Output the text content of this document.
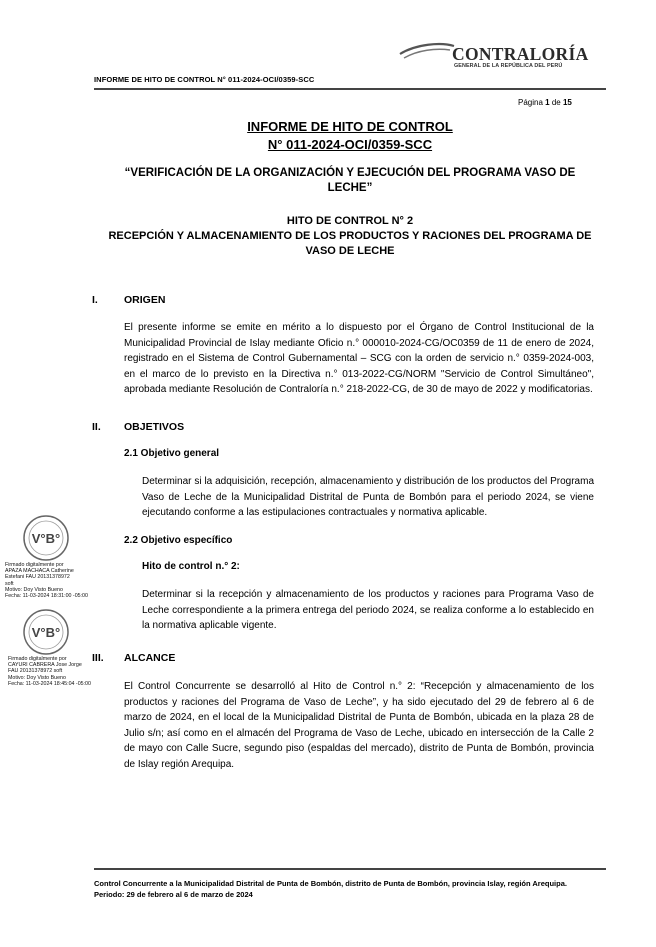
INFORME DE HITO DE CONTROL N° 011-2024-OCI/0359-SCC
CONTRALORÍA
GENERAL DE LA REPÚBLICA DEL PERÚ
Página 1 de 15
INFORME DE HITO DE CONTROL
N° 011-2024-OCI/0359-SCC
“VERIFICACIÓN DE LA ORGANIZACIÓN Y EJECUCIÓN DEL PROGRAMA VASO DE LECHE”
HITO DE CONTROL N° 2
RECEPCIÓN Y ALMACENAMIENTO DE LOS PRODUCTOS Y RACIONES DEL PROGRAMA DE VASO DE LECHE
I. ORIGEN
El presente informe se emite en mérito a lo dispuesto por el Órgano de Control Institucional de la Municipalidad Provincial de Islay mediante Oficio n.° 000010-2024-CG/OC0359 de 11 de enero de 2024, registrado en el Sistema de Control Gubernamental – SCG con la orden de servicio n.° 0359-2024-003, en el marco de lo previsto en la Directiva n.° 013-2022-CG/NORM "Servicio de Control Simultáneo", aprobada mediante Resolución de Contraloría n.° 218-2022-CG, de 30 de mayo de 2022 y modificatorias.
II. OBJETIVOS
2.1 Objetivo general
Determinar si la adquisición, recepción, almacenamiento y distribución de los productos del Programa Vaso de Leche de la Municipalidad Distrital de Punta de Bombón para el periodo 2024, se viene ejecutando conforme a las estipulaciones contractuales y normativa aplicable.
2.2 Objetivo específico
Hito de control n.° 2:
Determinar si la recepción y almacenamiento de los productos y raciones para Programa Vaso de Leche correspondiente a la primera entrega del periodo 2024, se realiza conforme a lo establecido en la normativa aplicable vigente.
III. ALCANCE
El Control Concurrente se desarrolló al Hito de Control n.° 2: “Recepción y almacenamiento de los productos y raciones del Programa de Vaso de Leche”, y ha sido ejecutado del 29 de febrero al 6 de marzo de 2024, en el local de la Municipalidad Distrital de Punta de Bombón, ubicada en la plaza 28 de Julio s/n; así como en el almacén del Programa de Vaso de Leche, ubicado en intersección de la Calle 2 de mayo con Calle Sucre, segundo piso (espaldas del mercado), distrito de Punta de Bombón, provincia de Islay región Arequipa.
V°B°
Firmado digitalmente por
APAZA MACHACA Catherine
Estefani FAU 20131378972
soft
Motivo: Doy Visto Bueno
Fecha: 11-03-2024 18:31:00 -05:00
V°B°
Firmado digitalmente por
CAYURI CABRERA Jose Jorge
FAU 20131378972 soft
Motivo: Doy Visto Bueno
Fecha: 11-03-2024 18:45:04 -05:00
Control Concurrente a la Municipalidad Distrital de Punta de Bombón, distrito de Punta de Bombón, provincia Islay, región Arequipa.
Periodo: 29 de febrero al 6 de marzo de 2024
